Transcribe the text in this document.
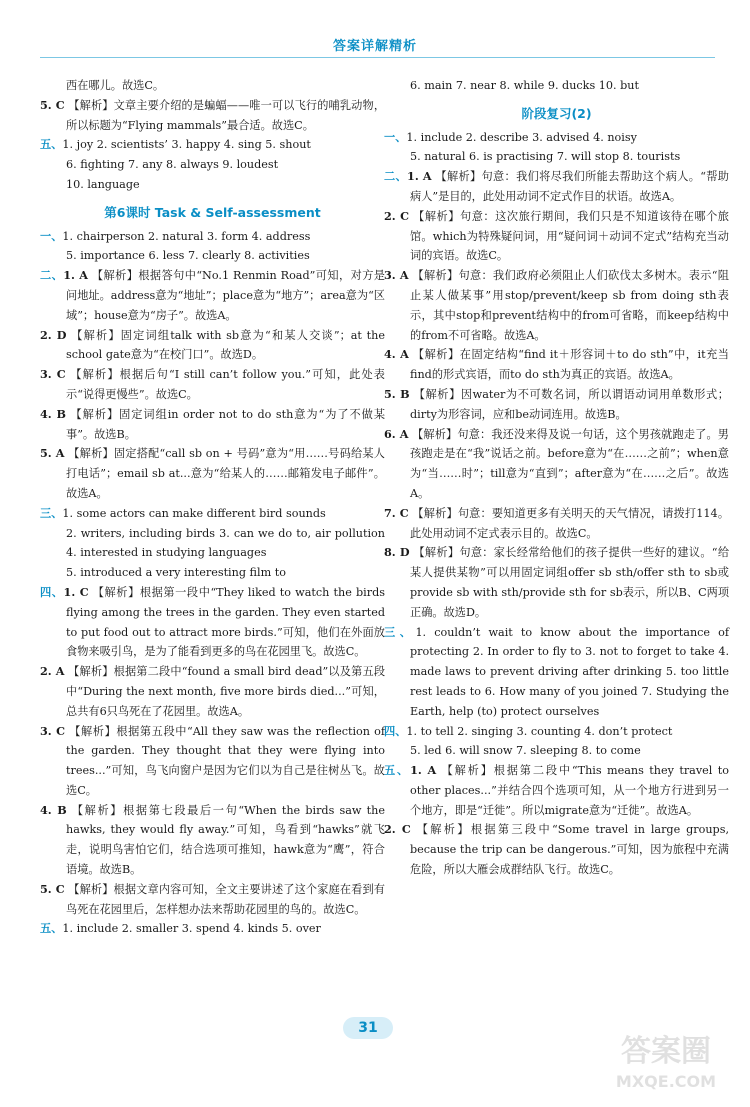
答案详解精析

西在哪儿。故选C。

5. C 【解析】文章主要介绍的是蝙蝠——唯一可以飞行的哺乳动物，所以标题为“Flying mammals”最合适。故选C。

五、1. joy 2. scientists’ 3. happy 4. sing 5. shout

6. fighting 7. any 8. always 9. loudest

10. language

第6课时 Task & Self-assessment

一、1. chairperson 2. natural 3. form 4. address

5. importance 6. less 7. clearly 8. activities

二、1. A 【解析】根据答句中“No.1 Renmin Road”可知，对方是问地址。address意为“地址”；place意为“地方”；area意为“区域”；house意为“房子”。故选A。

2. D 【解析】固定词组talk with sb意为“和某人交谈”；at the school gate意为“在校门口”。故选D。

3. C 【解析】根据后句“I still can’t follow you.”可知，此处表示“说得更慢些”。故选C。

4. B 【解析】固定词组in order not to do sth意为“为了不做某事”。故选B。

5. A 【解析】固定搭配“call sb on + 号码”意为“用……号码给某人打电话”；email sb at...意为“给某人的……邮箱发电子邮件”。故选A。

三、1. some actors can make different bird sounds

2. writers, including birds 3. can we do to, air pollution 4. interested in studying languages

5. introduced a very interesting film to

四、1. C 【解析】根据第一段中“They liked to watch the birds flying among the trees in the garden. They even started to put food out to attract more birds.”可知，他们在外面放食物来吸引鸟，是为了能看到更多的鸟在花园里飞。故选C。

2. A 【解析】根据第二段中“found a small bird dead”以及第五段中“During the next month, five more birds died...”可知，总共有6只鸟死在了花园里。故选A。

3. C 【解析】根据第五段中“All they saw was the reflection of the garden. They thought that they were flying into trees...”可知，鸟飞向窗户是因为它们以为自己是往树丛飞。故选C。

4. B 【解析】根据第七段最后一句“When the birds saw the hawks, they would fly away.”可知，鸟看到“hawks”就飞走，说明鸟害怕它们，结合选项可推知，hawk意为“鹰”，符合语境。故选B。

5. C 【解析】根据文章内容可知，全文主要讲述了这个家庭在看到有鸟死在花园里后，怎样想办法来帮助花园里的鸟的。故选C。

五、1. include 2. smaller 3. spend 4. kinds 5. over

6. main 7. near 8. while 9. ducks 10. but

阶段复习(2)

一、1. include 2. describe 3. advised 4. noisy

5. natural 6. is practising 7. will stop 8. tourists

二、1. A 【解析】句意：我们将尽我们所能去帮助这个病人。“帮助病人”是目的，此处用动词不定式作目的状语。故选A。

2. C 【解析】句意：这次旅行期间，我们只是不知道该待在哪个旅馆。which为特殊疑问词，用“疑问词＋动词不定式”结构充当动词的宾语。故选C。

3. A 【解析】句意：我们政府必须阻止人们砍伐太多树木。表示“阻止某人做某事”用stop/prevent/keep sb from doing sth表示，其中stop和prevent结构中的from可省略，而keep结构中的from不可省略。故选A。

4. A 【解析】在固定结构“find it＋形容词＋to do sth”中，it充当find的形式宾语，而to do sth为真正的宾语。故选A。

5. B 【解析】因water为不可数名词，所以谓语动词用单数形式；dirty为形容词，应和be动词连用。故选B。

6. A 【解析】句意：我还没来得及说一句话，这个男孩就跑走了。男孩跑走是在“我”说话之前。before意为“在……之前”；when意为“当……时”；till意为“直到”；after意为“在……之后”。故选A。

7. C 【解析】句意：要知道更多有关明天的天气情况，请拨打114。此处用动词不定式表示目的。故选C。

8. D 【解析】句意：家长经常给他们的孩子提供一些好的建议。“给某人提供某物”可以用固定词组offer sb sth/offer sth to sb或provide sb with sth/provide sth for sb表示，所以B、C两项正确。故选D。

三、1. couldn’t wait to know about the importance of protecting 2. In order to fly to 3. not to forget to take 4. made laws to prevent driving after drinking 5. too little rest leads to 6. How many of you joined 7. Studying the Earth, help (to) protect ourselves

四、1. to tell 2. singing 3. counting 4. don’t protect

5. led 6. will snow 7. sleeping 8. to come

五、1. A 【解析】根据第二段中“This means they travel to other places...”并结合四个选项可知，从一个地方行进到另一个地方，即是“迁徙”。所以migrate意为“迁徙”。故选A。

2. C 【解析】根据第三段中“Some travel in large groups, because the trip can be dangerous.”可知，因为旅程中充满危险，所以大雁会成群结队飞行。故选C。

31
答案圈
MXQE.COM
